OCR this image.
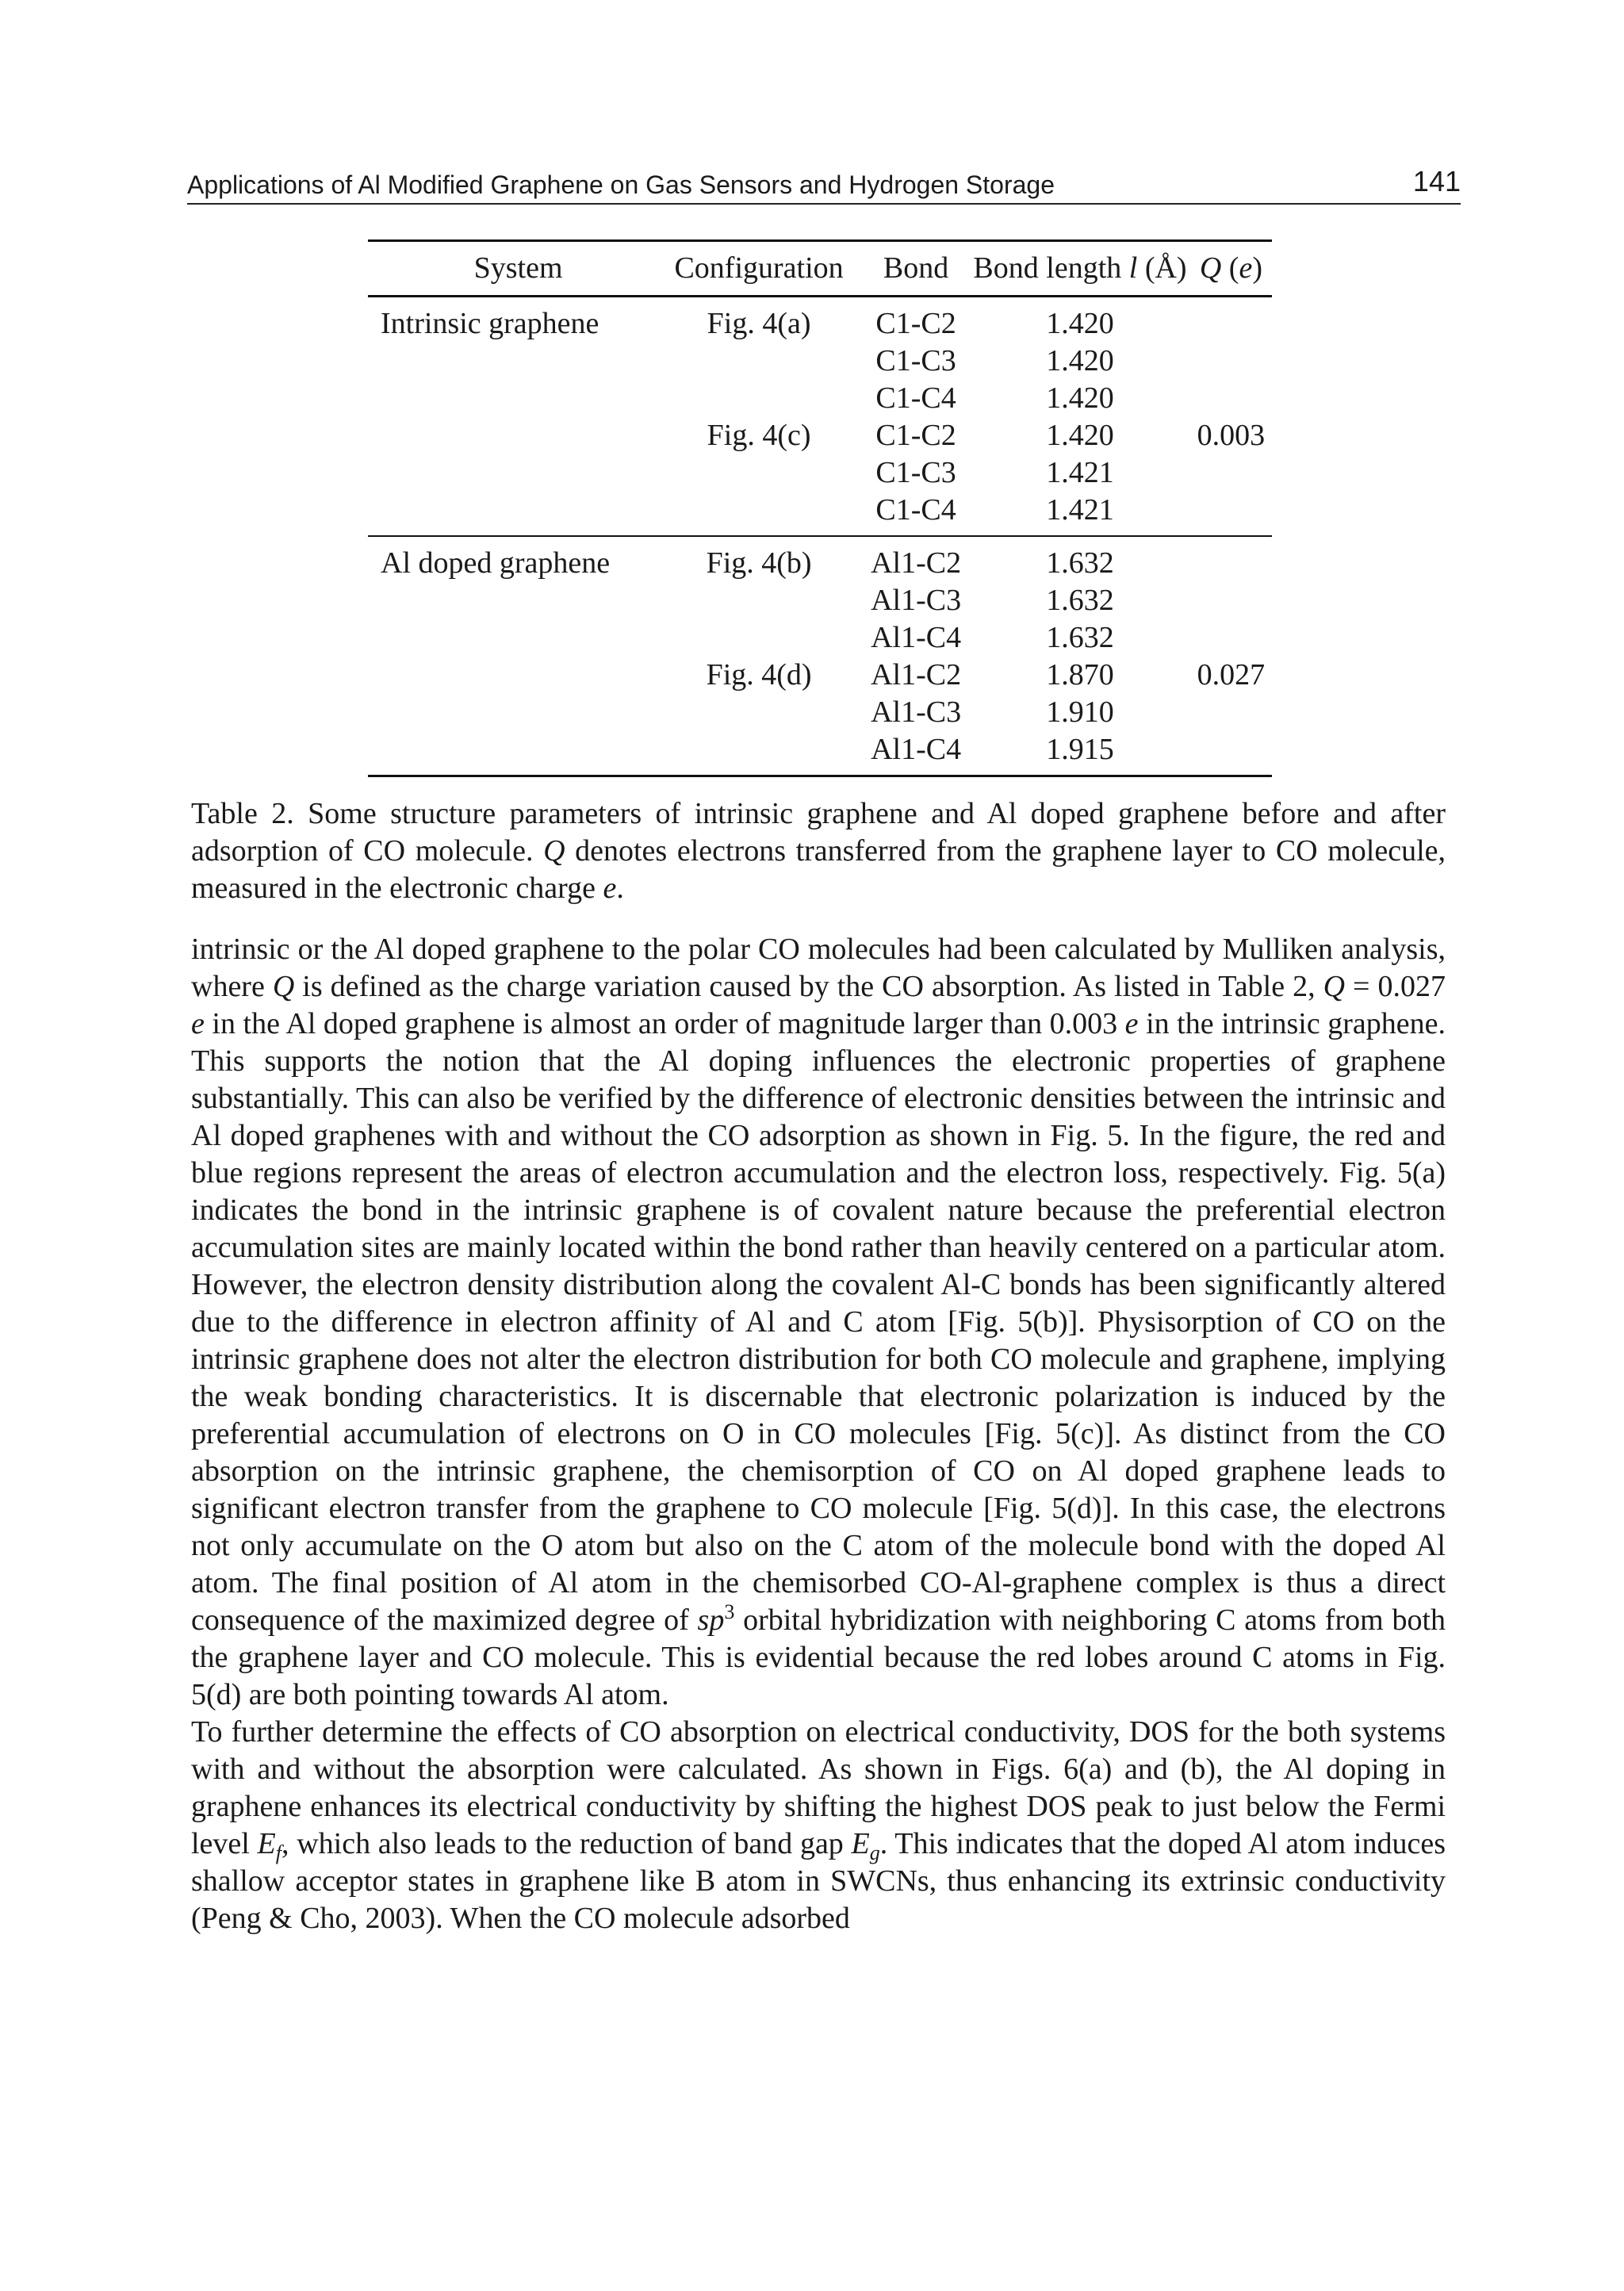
Applications of Al Modified Graphene on Gas Sensors and Hydrogen Storage	141
System	Configuration	Bond	Bond length l (Å)	Q (e)
Intrinsic graphene	Fig. 4(a)	C1-C2	1.420	
		C1-C3	1.420	
		C1-C4	1.420	
	Fig. 4(c)	C1-C2	1.420	0.003
		C1-C3	1.421	
		C1-C4	1.421	
Al doped graphene	Fig. 4(b)	Al1-C2	1.632	
		Al1-C3	1.632	
		Al1-C4	1.632	
	Fig. 4(d)	Al1-C2	1.870	0.027
		Al1-C3	1.910	
		Al1-C4	1.915	

Table 2. Some structure parameters of intrinsic graphene and Al doped graphene before and after adsorption of CO molecule. Q denotes electrons transferred from the graphene layer to CO molecule, measured in the electronic charge e.

intrinsic or the Al doped graphene to the polar CO molecules had been calculated by Mulliken analysis, where Q is defined as the charge variation caused by the CO absorption. As listed in Table 2, Q = 0.027 e in the Al doped graphene is almost an order of magnitude larger than 0.003 e in the intrinsic graphene. This supports the notion that the Al doping influences the electronic properties of graphene substantially. This can also be verified by the difference of electronic densities between the intrinsic and Al doped graphenes with and without the CO adsorption as shown in Fig. 5. In the figure, the red and blue regions represent the areas of electron accumulation and the electron loss, respectively. Fig. 5(a) indicates the bond in the intrinsic graphene is of covalent nature because the preferential electron accumulation sites are mainly located within the bond rather than heavily centered on a particular atom. However, the electron density distribution along the covalent Al-C bonds has been significantly altered due to the difference in electron affinity of Al and C atom [Fig. 5(b)]. Physisorption of CO on the intrinsic graphene does not alter the electron distribution for both CO molecule and graphene, implying the weak bonding characteristics. It is discernable that electronic polarization is induced by the preferential accumulation of electrons on O in CO molecules [Fig. 5(c)]. As distinct from the CO absorption on the intrinsic graphene, the chemisorption of CO on Al doped graphene leads to significant electron transfer from the graphene to CO molecule [Fig. 5(d)]. In this case, the electrons not only accumulate on the O atom but also on the C atom of the molecule bond with the doped Al atom. The final position of Al atom in the chemisorbed CO-Al-graphene complex is thus a direct consequence of the maximized degree of $sp^3$ orbital hybridization with neighboring C atoms from both the graphene layer and CO molecule. This is evidential because the red lobes around C atoms in Fig. 5(d) are both pointing towards Al atom.

To further determine the effects of CO absorption on electrical conductivity, DOS for the both systems with and without the absorption were calculated. As shown in Figs. 6(a) and (b), the Al doping in graphene enhances its electrical conductivity by shifting the highest DOS peak to just below the Fermi level $E_f$, which also leads to the reduction of band gap $E_g$. This indicates that the doped Al atom induces shallow acceptor states in graphene like B atom in SWCNs, thus enhancing its extrinsic conductivity (Peng & Cho, 2003). When the CO molecule adsorbed
